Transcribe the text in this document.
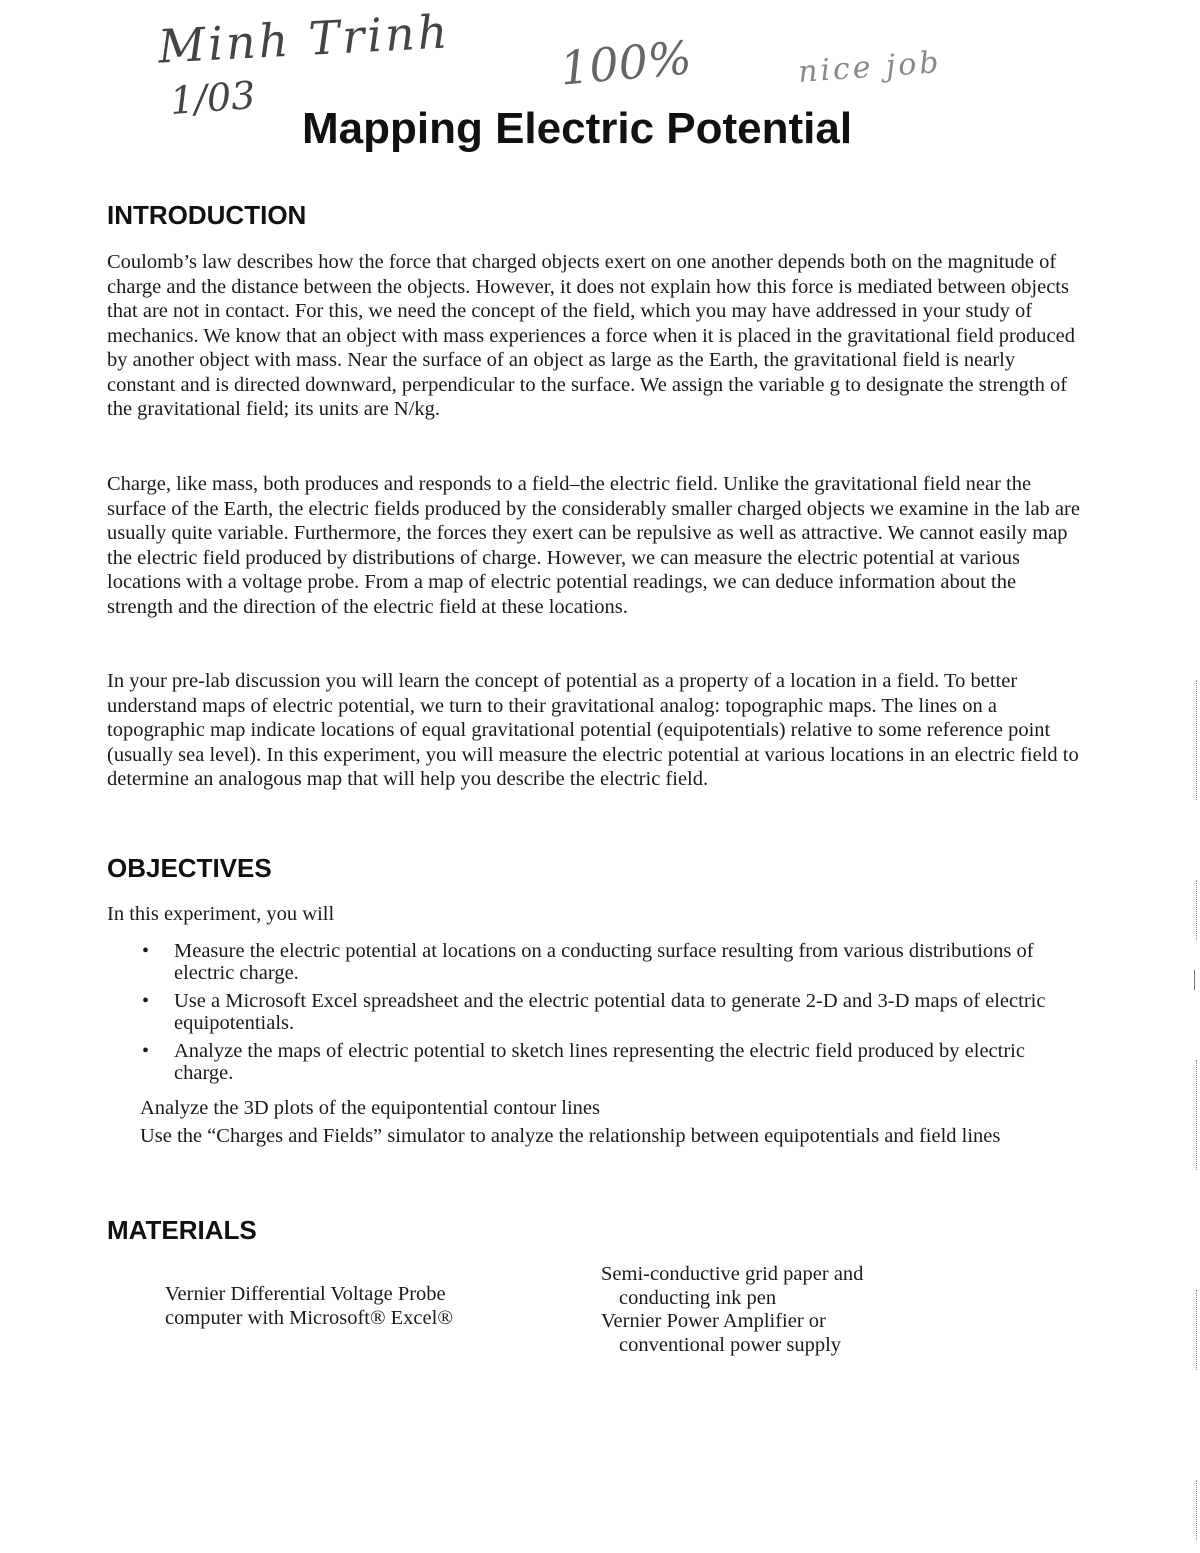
Minh Trinh
1/03
100%	nice job
Mapping Electric Potential
INTRODUCTION

Coulomb’s law describes how the force that charged objects exert on one another depends both on the magnitude of charge and the distance between the objects. However, it does not explain how this force is mediated between objects that are not in contact. For this, we need the concept of the field, which you may have addressed in your study of mechanics. We know that an object with mass experiences a force when it is placed in the gravitational field produced by another object with mass. Near the surface of an object as large as the Earth, the gravitational field is nearly constant and is directed downward, perpendicular to the surface. We assign the variable g to designate the strength of the gravitational field; its units are N/kg.

Charge, like mass, both produces and responds to a field–the electric field. Unlike the gravitational field near the surface of the Earth, the electric fields produced by the considerably smaller charged objects we examine in the lab are usually quite variable. Furthermore, the forces they exert can be repulsive as well as attractive. We cannot easily map the electric field produced by distributions of charge. However, we can measure the electric potential at various locations with a voltage probe. From a map of electric potential readings, we can deduce information about the strength and the direction of the electric field at these locations.

In your pre-lab discussion you will learn the concept of potential as a property of a location in a field. To better understand maps of electric potential, we turn to their gravitational analog: topographic maps. The lines on a topographic map indicate locations of equal gravitational potential (equipotentials) relative to some reference point (usually sea level). In this experiment, you will measure the electric potential at various locations in an electric field to determine an analogous map that will help you describe the electric field.

OBJECTIVES

In this experiment, you will

• Measure the electric potential at locations on a conducting surface resulting from various distributions of electric charge.
• Use a Microsoft Excel spreadsheet and the electric potential data to generate 2-D and 3-D maps of electric equipotentials.
• Analyze the maps of electric potential to sketch lines representing the electric field produced by electric charge.
Analyze the 3D plots of the equipontential contour lines
Use the “Charges and Fields” simulator to analyze the relationship between equipotentials and field lines
MATERIALS
Vernier Differential Voltage Probe
computer with Microsoft® Excel®
Semi-conductive grid paper and conducting ink pen
Vernier Power Amplifier or conventional power supply
